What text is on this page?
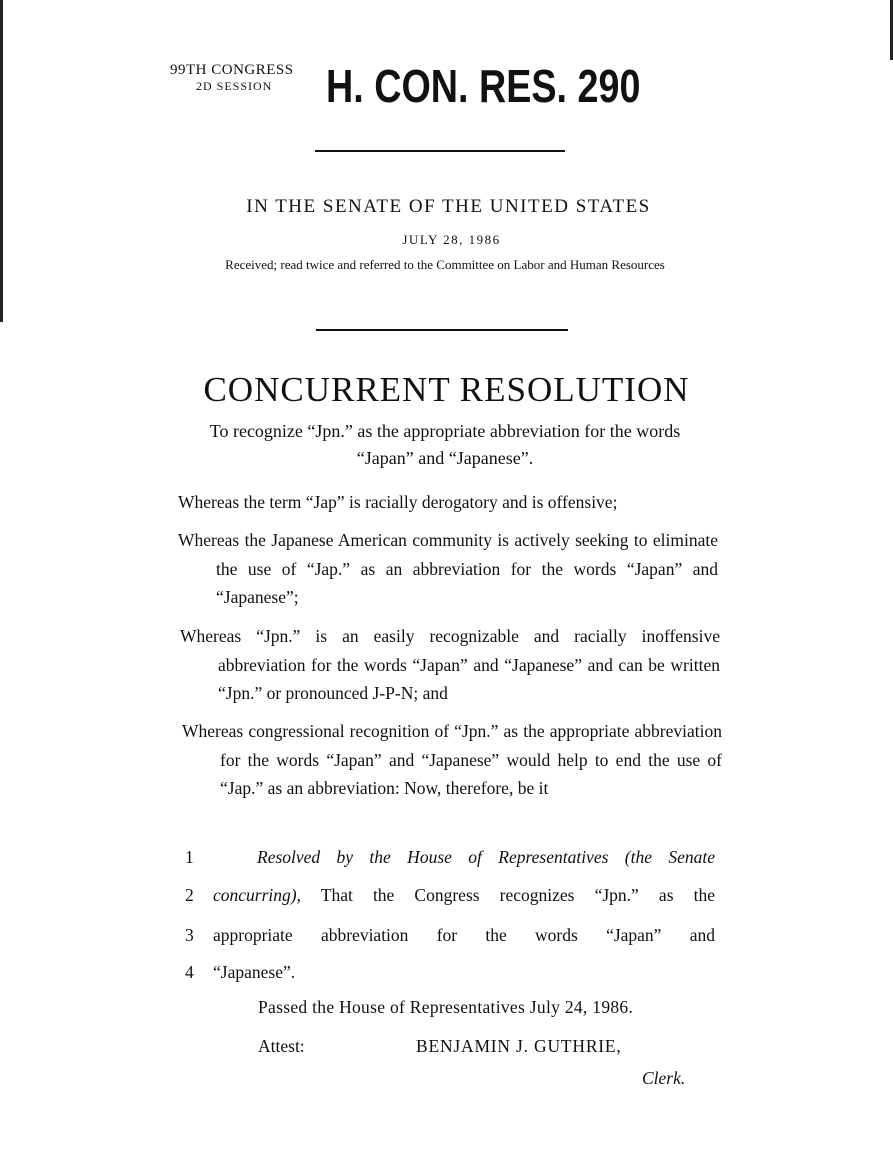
99TH CONGRESS
2D SESSION	H. CON. RES. 290
IN THE SENATE OF THE UNITED STATES
JULY 28, 1986
Received; read twice and referred to the Committee on Labor and Human Resources
CONCURRENT RESOLUTION
To recognize “Jpn.” as the appropriate abbreviation for the words “Japan” and “Japanese”.
Whereas the term “Jap” is racially derogatory and is offensive;
Whereas the Japanese American community is actively seeking to eliminate the use of “Jap.” as an abbreviation for the words “Japan” and “Japanese”;
Whereas “Jpn.” is an easily recognizable and racially inoffensive abbreviation for the words “Japan” and “Japanese” and can be written “Jpn.” or pronounced J-P-N; and
Whereas congressional recognition of “Jpn.” as the appropriate abbreviation for the words “Japan” and “Japanese” would help to end the use of “Jap.” as an abbreviation: Now, therefore, be it
1	Resolved by the House of Representatives (the Senate
2	concurring), That the Congress recognizes “Jpn.” as the
3	appropriate abbreviation for the words “Japan” and
4	“Japanese”.
Passed the House of Representatives July 24, 1986.
Attest:	BENJAMIN J. GUTHRIE,
Clerk.
